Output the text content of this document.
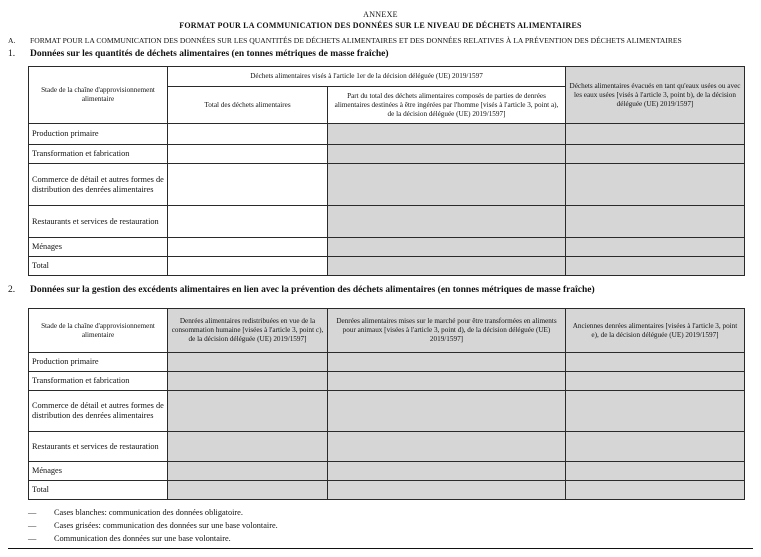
ANNEXE
FORMAT POUR LA COMMUNICATION DES DONNÉES SUR LE NIVEAU DE DÉCHETS ALIMENTAIRES
A. FORMAT POUR LA COMMUNICATION DES DONNÉES SUR LES QUANTITÉS DE DÉCHETS ALIMENTAIRES ET DES DONNÉES RELATIVES À LA PRÉVENTION DES DÉCHETS ALIMENTAIRES
1. Données sur les quantités de déchets alimentaires (en tonnes métriques de masse fraîche)
Stade de la chaîne d'approvisionnement alimentaire	Déchets alimentaires visés à l'article 1er de la décision déléguée (UE) 2019/1597		Déchets alimentaires évacués en tant qu'eaux usées ou avec les eaux usées [visés à l'article 3, point b), de la décision déléguée (UE) 2019/1597]
	Total des déchets alimentaires	Part du total des déchets alimentaires composés de parties de denrées alimentaires destinées à être ingérées par l'homme [visés à l'article 3, point a), de la décision déléguée (UE) 2019/1597]	
Production primaire			
Transformation et fabrication			
Commerce de détail et autres formes de distribution des denrées alimentaires			
Restaurants et services de restauration			
Ménages			
Total			
2. Données sur la gestion des excédents alimentaires en lien avec la prévention des déchets alimentaires (en tonnes métriques de masse fraîche)
Stade de la chaîne d'approvisionnement alimentaire	Denrées alimentaires redistribuées en vue de la consommation humaine [visées à l'article 3, point c), de la décision déléguée (UE) 2019/1597]	Denrées alimentaires mises sur le marché pour être transformées en aliments pour animaux [visées à l'article 3, point d), de la décision déléguée (UE) 2019/1597]	Anciennes denrées alimentaires [visées à l'article 3, point e), de la décision déléguée (UE) 2019/1597]
Production primaire			
Transformation et fabrication			
Commerce de détail et autres formes de distribution des denrées alimentaires			
Restaurants et services de restauration			
Ménages			
Total			
— Cases blanches: communication des données obligatoire.
— Cases grisées: communication des données sur une base volontaire.
— Communication des données sur une base volontaire.
